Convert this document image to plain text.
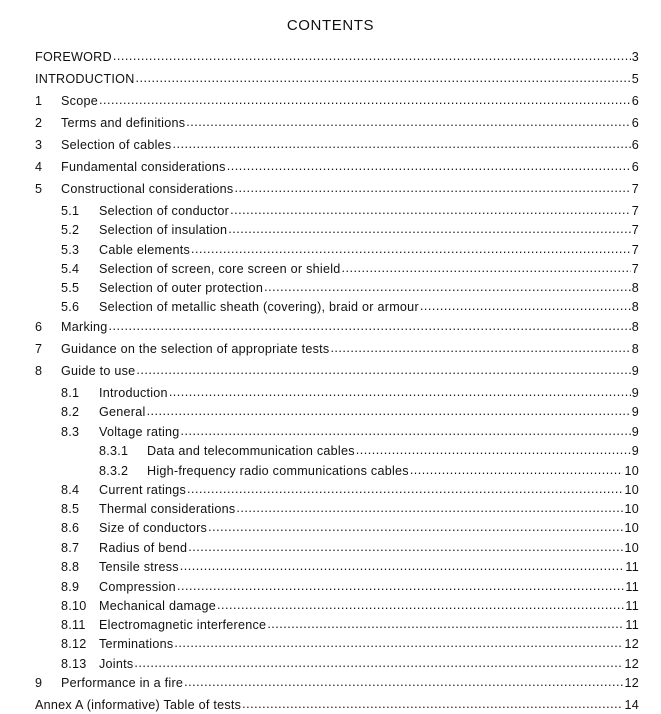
CONTENTS
FOREWORD .....	3
INTRODUCTION .....	5
1	Scope .....	6
2	Terms and definitions .....	6
3	Selection of cables .....	6
4	Fundamental considerations .....	6
5	Constructional considerations .....	7
5.1	Selection of conductor .....	7
5.2	Selection of insulation .....	7
5.3	Cable elements .....	7
5.4	Selection of screen, core screen or shield .....	7
5.5	Selection of outer protection .....	8
5.6	Selection of metallic sheath (covering), braid or armour .....	8
6	Marking .....	8
7	Guidance on the selection of appropriate tests .....	8
8	Guide to use .....	9
8.1	Introduction .....	9
8.2	General .....	9
8.3	Voltage rating .....	9
8.3.1	Data and telecommunication cables .....	9
8.3.2	High-frequency radio communications cables .....	10
8.4	Current ratings .....	10
8.5	Thermal considerations .....	10
8.6	Size of conductors .....	10
8.7	Radius of bend .....	10
8.8	Tensile stress .....	11
8.9	Compression .....	11
8.10 Mechanical damage .....	11
8.11	Electromagnetic interference .....	11
8.12 Terminations .....	12
8.13 Joints .....	12
9	Performance in a fire .....	12
Annex A (informative) Table of tests .....	14
